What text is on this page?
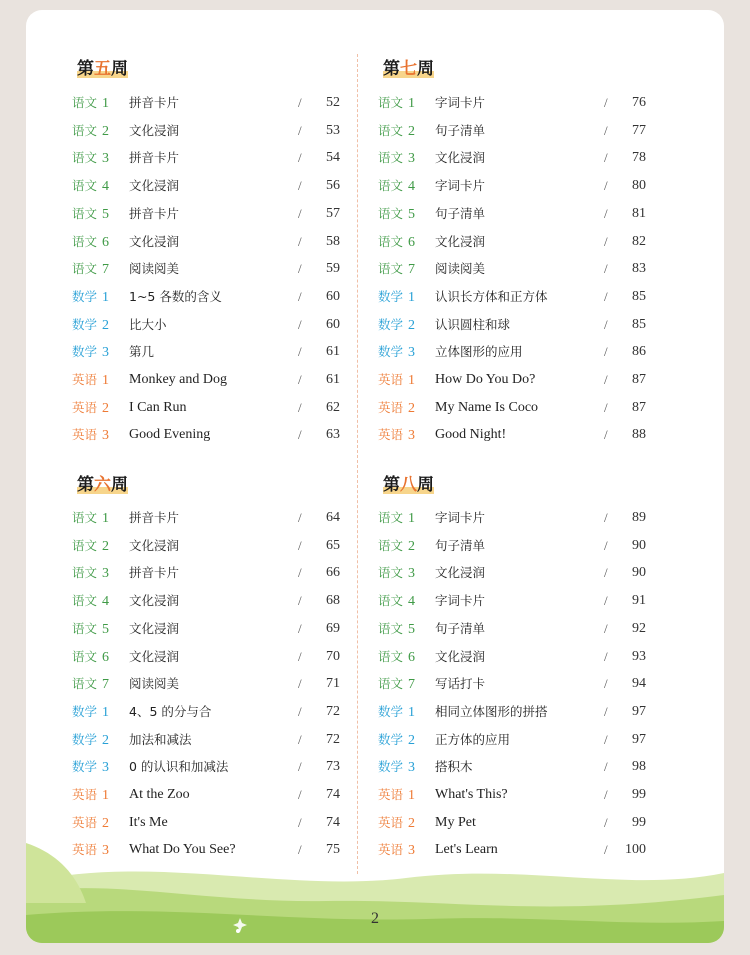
第五周
语文 1 拼音卡片	/ 52
语文 2 文化浸润	/ 53
语文 3 拼音卡片	/ 54
语文 4 文化浸润	/ 56
语文 5 拼音卡片	/ 57
语文 6 文化浸润	/ 58
语文 7 阅读阅美	/ 59
数学 1 1~5 各数的含义	/ 60
数学 2 比大小	/ 60
数学 3 第几	/ 61
英语 1 Monkey and Dog	/ 61
英语 2 I Can Run	/ 62
英语 3 Good Evening	/ 63
第六周
语文 1 拼音卡片	/ 64
语文 2 文化浸润	/ 65
语文 3 拼音卡片	/ 66
语文 4 文化浸润	/ 68
语文 5 文化浸润	/ 69
语文 6 文化浸润	/ 70
语文 7 阅读阅美	/ 71
数学 1 4、5 的分与合	/ 72
数学 2 加法和减法	/ 72
数学 3 0 的认识和加减法	/ 73
英语 1 At the Zoo	/ 74
英语 2 It's Me	/ 74
英语 3 What Do You See?	/ 75
第七周
语文 1 字词卡片	/ 76
语文 2 句子清单	/ 77
语文 3 文化浸润	/ 78
语文 4 字词卡片	/ 80
语文 5 句子清单	/ 81
语文 6 文化浸润	/ 82
语文 7 阅读阅美	/ 83
数学 1 认识长方体和正方体	/ 85
数学 2 认识圆柱和球	/ 85
数学 3 立体图形的应用	/ 86
英语 1 How Do You Do?	/ 87
英语 2 My Name Is Coco	/ 87
英语 3 Good Night!	/ 88
第八周
语文 1 字词卡片	/ 89
语文 2 句子清单	/ 90
语文 3 文化浸润	/ 90
语文 4 字词卡片	/ 91
语文 5 句子清单	/ 92
语文 6 文化浸润	/ 93
语文 7 写话打卡	/ 94
数学 1 相同立体图形的拼搭	/ 97
数学 2 正方体的应用	/ 97
数学 3 搭积木	/ 98
英语 1 What's This?	/ 99
英语 2 My Pet	/ 99
英语 3 Let's Learn	/ 100
2
